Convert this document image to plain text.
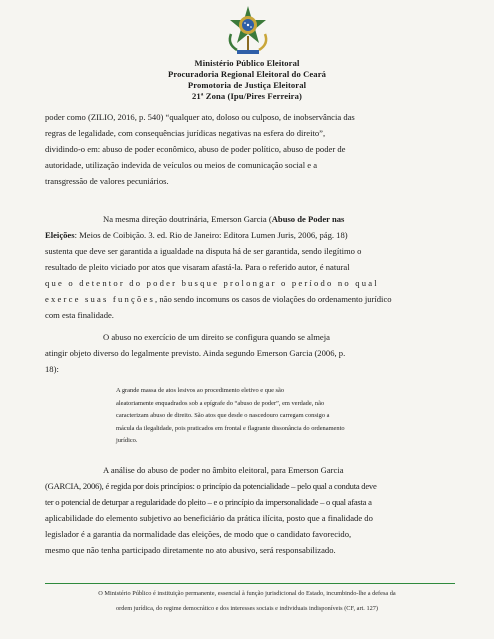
Ministério Público Eleitoral
Procuradoria Regional Eleitoral do Ceará
Promotoria de Justiça Eleitoral
21ª Zona (Ipu/Pires Ferreira)

poder como (ZILIO, 2016, p. 540) “qualquer ato, doloso ou culposo, de inobservância das

regras de legalidade, com consequências jurídicas negativas na esfera do direito”,

dividindo-o em: abuso de poder econômico, abuso de poder político, abuso de poder de

autoridade, utilização indevida de veículos ou meios de comunicação social e a

transgressão de valores pecuniários.

Na mesma direção doutrinária, Emerson Garcia (Abuso de Poder nas

Eleições: Meios de Coibição. 3. ed. Rio de Janeiro: Editora Lumen Juris, 2006, pág. 18)

sustenta que deve ser garantida a igualdade na disputa há de ser garantida, sendo ilegítimo o

resultado de pleito viciado por atos que visaram afastá-la. Para o referido autor, é natural

que o detentor do poder busque prolongar o período no qual

exerce suas funções, não sendo incomuns os casos de violações do ordenamento jurídico

com esta finalidade.

O abuso no exercício de um direito se configura quando se almeja

atingir objeto diverso do legalmente previsto. Ainda segundo Emerson Garcia (2006, p.

18):

A grande massa de atos lesivos ao procedimento eletivo e que são

aleatoriamente enquadrados sob a epígrafe do “abuso de poder”, em verdade, não

caracterizam abuso de direito. São atos que desde o nascedouro carregam consigo a

mácula da ilegalidade, pois praticados em frontal e flagrante dissonância do ordenamento

jurídico.

A análise do abuso de poder no âmbito eleitoral, para Emerson Garcia

(GARCIA, 2006), é regida por dois princípios: o princípio da potencialidade – pelo qual a conduta deve

ter o potencial de deturpar a regularidade do pleito – e o princípio da impersonalidade – o qual afasta a

aplicabilidade do elemento subjetivo ao beneficiário da prática ilícita, posto que a finalidade do

legislador é a garantia da normalidade das eleições, de modo que o candidato favorecido,

mesmo que não tenha participado diretamente no ato abusivo, será responsabilizado.

O Ministério Público é instituição permanente, essencial à função jurisdicional do Estado, incumbindo-lhe a defesa da
ordem jurídica, do regime democrático e dos interesses sociais e individuais indisponíveis (CF, art. 127)
